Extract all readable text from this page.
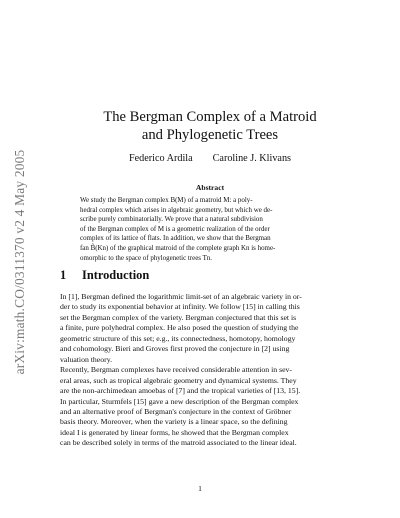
arXiv:math.CO/0311370 v2 4 May 2005
The Bergman Complex of a Matroid
and Phylogenetic Trees
Federico Ardila Caroline J. Klivans
Abstract
We study the Bergman complex B(M) of a matroid M: a poly-
hedral complex which arises in algebraic geometry, but which we de-
scribe purely combinatorially. We prove that a natural subdivision
of the Bergman complex of M is a geometric realization of the order
complex of its lattice of flats. In addition, we show that the Bergman
fan B̃(Kn) of the graphical matroid of the complete graph Kn is home-
omorphic to the space of phylogenetic trees Tn.
1 Introduction
In [1], Bergman defined the logarithmic limit-set of an algebraic variety in or-
der to study its exponential behavior at infinity. We follow [15] in calling this
set the Bergman complex of the variety. Bergman conjectured that this set is
a finite, pure polyhedral complex. He also posed the question of studying the
geometric structure of this set; e.g., its connectedness, homotopy, homology
and cohomology. Bieri and Groves first proved the conjecture in [2] using
valuation theory.
Recently, Bergman complexes have received considerable attention in sev-
eral areas, such as tropical algebraic geometry and dynamical systems. They
are the non-archimedean amoebas of [7] and the tropical varieties of [13, 15].
In particular, Sturmfels [15] gave a new description of the Bergman complex
and an alternative proof of Bergman's conjecture in the context of Gröbner
basis theory. Moreover, when the variety is a linear space, so the defining
ideal I is generated by linear forms, he showed that the Bergman complex
can be described solely in terms of the matroid associated to the linear ideal.
1
